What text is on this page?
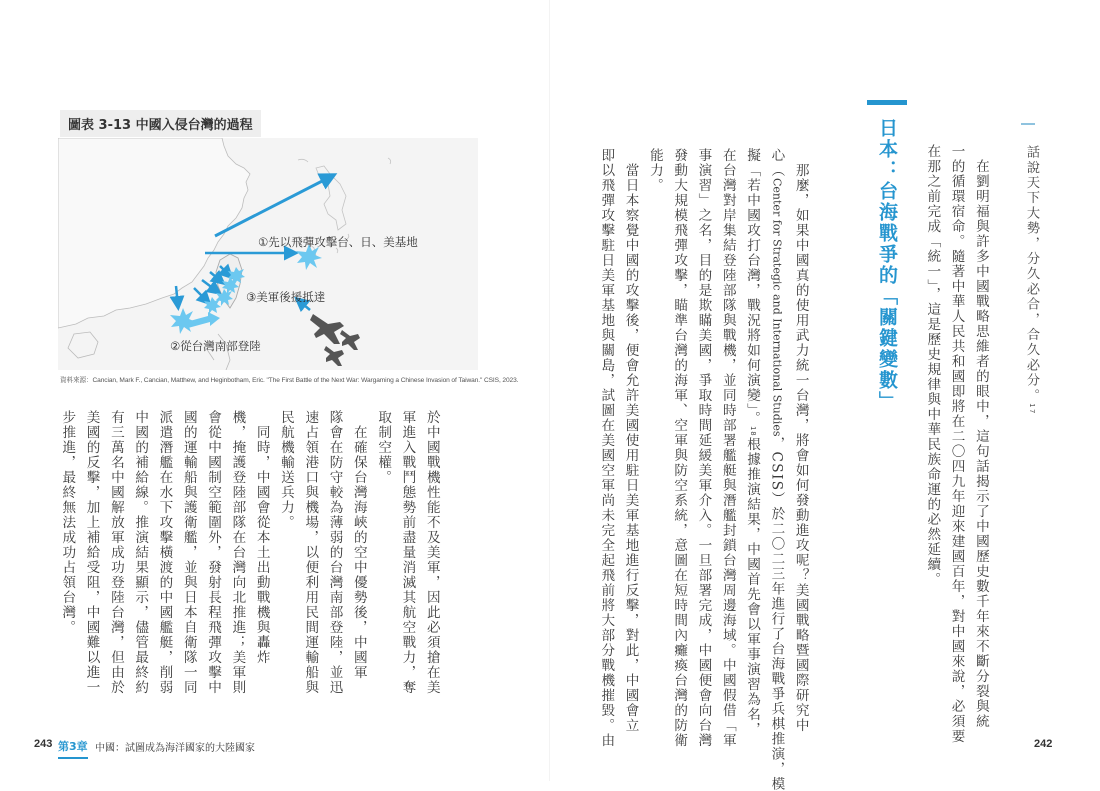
圖表 3-13 中國入侵台灣的過程
①先以飛彈攻擊台、日、美基地
③美軍後援抵達
②從台灣南部登陸
資料來源：Cancian, Mark F., Cancian, Matthew, and Heginbotham, Eric. "The First Battle of the Next War: Wargaming a Chinese Invasion of Taiwan." CSIS, 2023.
於中國戰機性能不及美軍，因此必須搶在美
軍進入戰鬥態勢前盡量消滅其航空戰力，奪
取制空權。
　在確保台灣海峽的空中優勢後，中國軍
隊會在防守較為薄弱的台灣南部登陸，並迅
速占領港口與機場，以便利用民間運輸船與
民航機輸送兵力。
　同時，中國會從本土出動戰機與轟炸
機，掩護登陸部隊在台灣向北推進；美軍則
會從中國制空範圍外，發射長程飛彈攻擊中
國的運輸船與護衛艦，並與日本自衛隊一同
派遣潛艦在水下攻擊橫渡的中國艦艇，削弱
中國的補給線。推演結果顯示，儘管最終約
有三萬名中國解放軍成功登陸台灣，但由於
美國的反擊，加上補給受阻，中國難以進一
步推進，最終無法成功占領台灣。
243 第3章 中國：試圖成為海洋國家的大陸國家
話說天下大勢，分久必合，合久必分。17
　在劉明福與許多中國戰略思維者的眼中，這句話揭示了中國歷史數千年來不斷分裂與統
一的循環宿命。隨著中華人民共和國即將在二〇四九年迎來建國百年，對中國來說，必須要
在那之前完成「統一」，這是歷史規律與中華民族命運的必然延續。
日本：台海戰爭的「關鍵變數」
　那麼，如果中國真的使用武力統一台灣，將會如何發動進攻呢？美國戰略暨國際研究中
心（Center for Strategic and International Studies，CSIS）於二〇二三年進行了台海戰爭兵棋推演，模
擬「若中國攻打台灣，戰況將如何演變」。18根據推演結果，中國首先會以軍事演習為名，
在台灣對岸集結登陸部隊與戰機，並同時部署艦艇與潛艦封鎖台灣周邊海域。中國假借「軍
事演習」之名，目的是欺瞞美國，爭取時間延緩美軍介入。一旦部署完成，中國便會向台灣
發動大規模飛彈攻擊，瞄準台灣的海軍、空軍與防空系統，意圖在短時間內癱瘓台灣的防衛
能力。
　當日本察覺中國的攻擊後，便會允許美國使用駐日美軍基地進行反擊，對此，中國會立
即以飛彈攻擊駐日美軍基地與關島，試圖在美國空軍尚未完全起飛前將大部分戰機摧毀。由	242
